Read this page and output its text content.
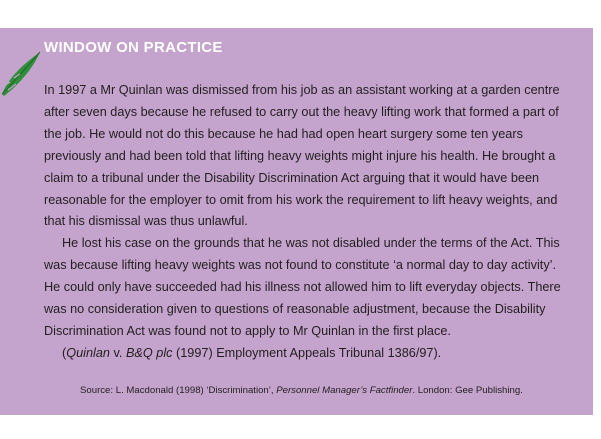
WINDOW ON PRACTICE

In 1997 a Mr Quinlan was dismissed from his job as an assistant working at a garden centre after seven days because he refused to carry out the heavy lifting work that formed a part of the job. He would not do this because he had had open heart surgery some ten years previously and had been told that lifting heavy weights might injure his health. He brought a claim to a tribunal under the Disability Discrimination Act arguing that it would have been reasonable for the employer to omit from his work the requirement to lift heavy weights, and that his dismissal was thus unlawful.

He lost his case on the grounds that he was not disabled under the terms of the Act. This was because lifting heavy weights was not found to constitute ‘a normal day to day activity’. He could only have succeeded had his illness not allowed him to lift everyday objects. There was no consideration given to questions of reasonable adjustment, because the Disability Discrimination Act was found not to apply to Mr Quinlan in the first place.

(Quinlan v. B&Q plc (1997) Employment Appeals Tribunal 1386/97).

Source: L. Macdonald (1998) ‘Discrimination’, Personnel Manager’s Factfinder. London: Gee Publishing.
